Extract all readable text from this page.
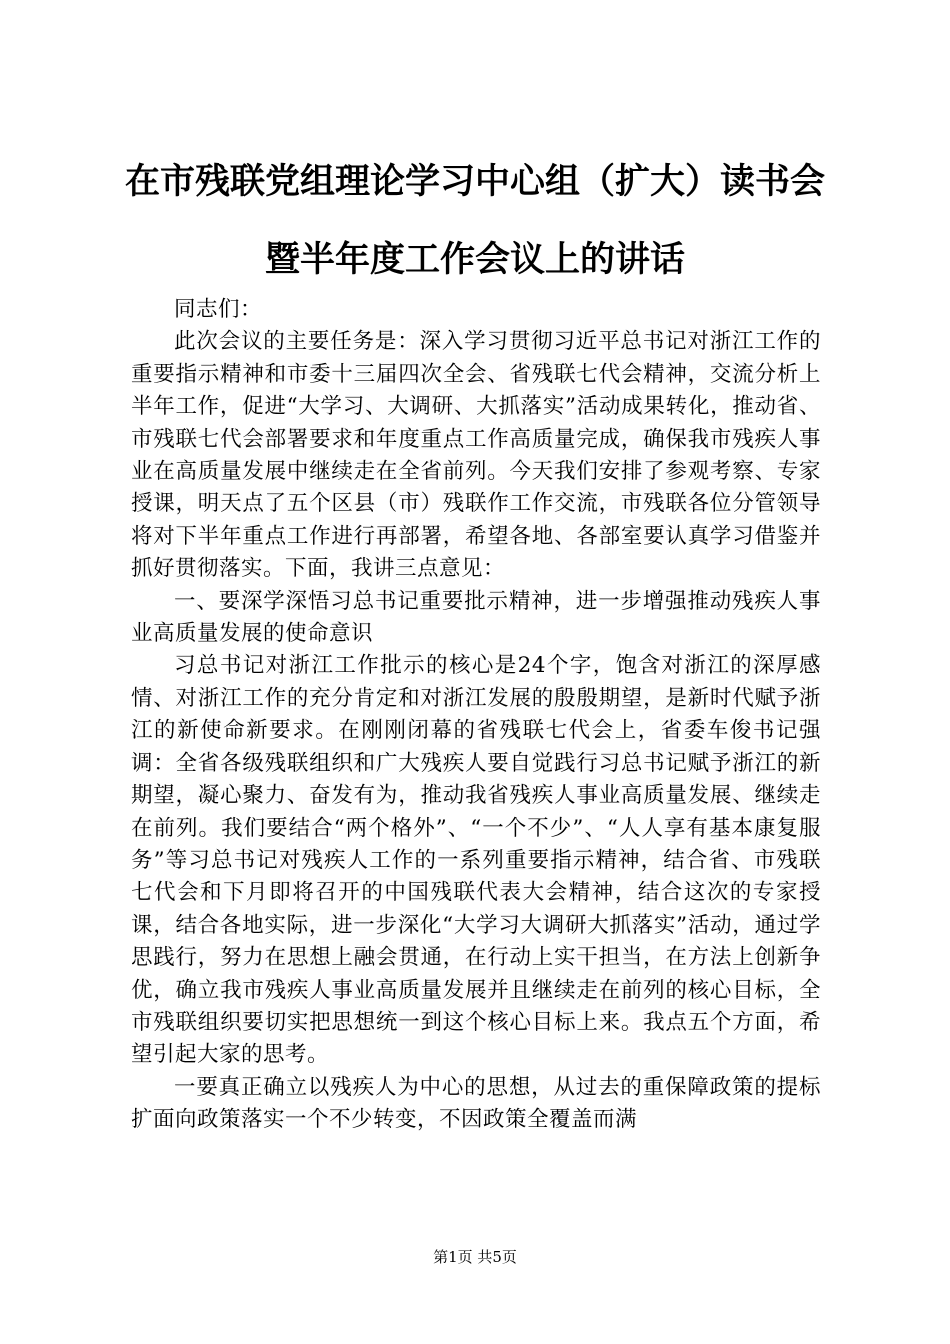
在市残联党组理论学习中心组（扩大）读书会
暨半年度工作会议上的讲话

同志们：

此次会议的主要任务是：深入学习贯彻习近平总书记对浙江工作的重要指示精神和市委十三届四次全会、省残联七代会精神，交流分析上半年工作，促进“大学习、大调研、大抓落实”活动成果转化，推动省、市残联七代会部署要求和年度重点工作高质量完成，确保我市残疾人事业在高质量发展中继续走在全省前列。今天我们安排了参观考察、专家授课，明天点了五个区县（市）残联作工作交流，市残联各位分管领导将对下半年重点工作进行再部署，希望各地、各部室要认真学习借鉴并抓好贯彻落实。下面，我讲三点意见：

一、要深学深悟习总书记重要批示精神，进一步增强推动残疾人事业高质量发展的使命意识

习总书记对浙江工作批示的核心是24个字，饱含对浙江的深厚感情、对浙江工作的充分肯定和对浙江发展的殷殷期望，是新时代赋予浙江的新使命新要求。在刚刚闭幕的省残联七代会上，省委车俊书记强调：全省各级残联组织和广大残疾人要自觉践行习总书记赋予浙江的新期望，凝心聚力、奋发有为，推动我省残疾人事业高质量发展、继续走在前列。我们要结合“两个格外”、“一个不少”、“人人享有基本康复服务”等习总书记对残疾人工作的一系列重要指示精神，结合省、市残联七代会和下月即将召开的中国残联代表大会精神，结合这次的专家授课，结合各地实际，进一步深化“大学习大调研大抓落实”活动，通过学思践行，努力在思想上融会贯通，在行动上实干担当，在方法上创新争优，确立我市残疾人事业高质量发展并且继续走在前列的核心目标，全市残联组织要切实把思想统一到这个核心目标上来。我点五个方面，希望引起大家的思考。

一要真正确立以残疾人为中心的思想，从过去的重保障政策的提标扩面向政策落实一个不少转变，不因政策全覆盖而满

第1页 共5页
